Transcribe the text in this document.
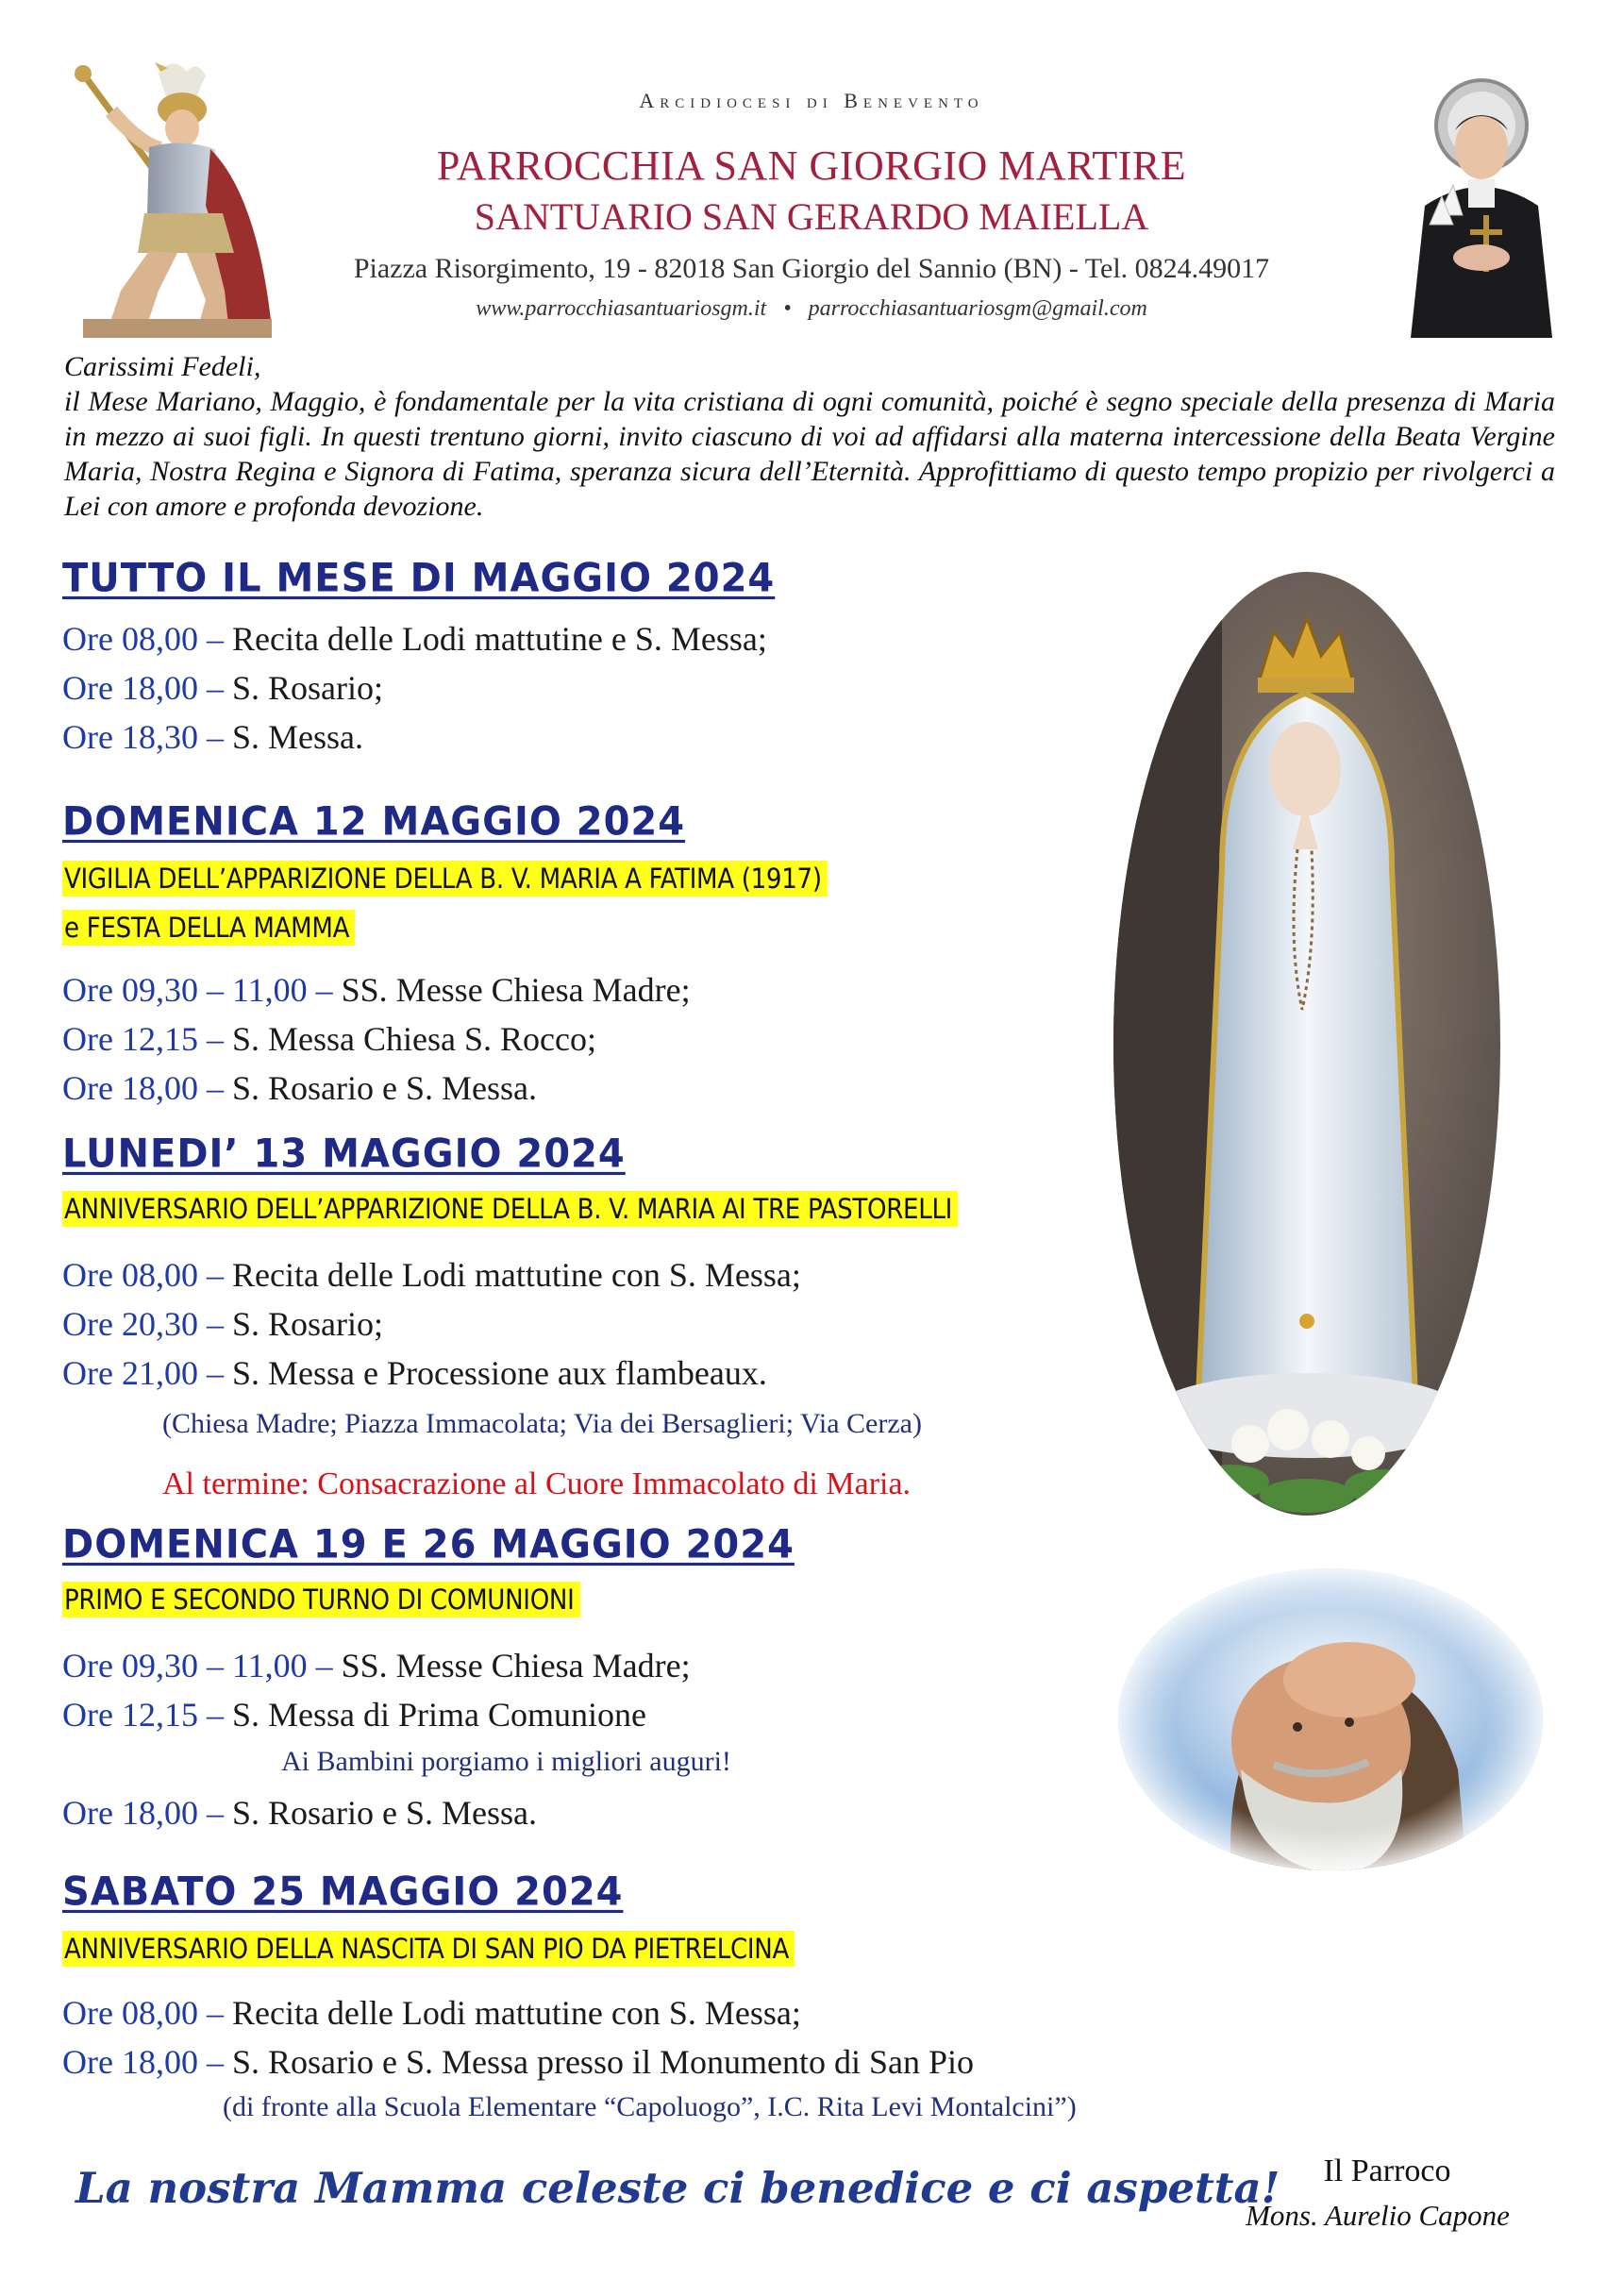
Arcidiocesi di Benevento
PARROCCHIA SAN GIORGIO MARTIRE
SANTUARIO SAN GERARDO MAIELLA
Piazza Risorgimento, 19 - 82018 San Giorgio del Sannio (BN) - Tel. 0824.49017
www.parrocchiasantuariosgm.it • parrocchiasantuariosgm@gmail.com

Carissimi Fedeli,

il Mese Mariano, Maggio, è fondamentale per la vita cristiana di ogni comunità, poiché è segno speciale della presenza di Maria in mezzo ai suoi figli. In questi trentuno giorni, invito ciascuno di voi ad affidarsi alla materna intercessione della Beata Vergine Maria, Nostra Regina e Signora di Fatima, speranza sicura dell’Eternità. Approfittiamo di questo tempo propizio per rivolgerci a Lei con amore e profonda devozione.

TUTTO IL MESE DI MAGGIO 2024
Ore 08,00 – Recita delle Lodi mattutine e S. Messa;
Ore 18,00 – S. Rosario;
Ore 18,30 – S. Messa.
DOMENICA 12 MAGGIO 2024
VIGILIA DELL’APPARIZIONE DELLA B. V. MARIA A FATIMA (1917)
e FESTA DELLA MAMMA
Ore 09,30 – 11,00 – SS. Messe Chiesa Madre;
Ore 12,15 – S. Messa Chiesa S. Rocco;
Ore 18,00 – S. Rosario e S. Messa.
LUNEDI’ 13 MAGGIO 2024
ANNIVERSARIO DELL’APPARIZIONE DELLA B. V. MARIA AI TRE PASTORELLI
Ore 08,00 – Recita delle Lodi mattutine con S. Messa;
Ore 20,30 – S. Rosario;
Ore 21,00 – S. Messa e Processione aux flambeaux.
(Chiesa Madre; Piazza Immacolata; Via dei Bersaglieri; Via Cerza)
Al termine: Consacrazione al Cuore Immacolato di Maria.
DOMENICA 19 E 26 MAGGIO 2024
PRIMO E SECONDO TURNO DI COMUNIONI
Ore 09,30 – 11,00 – SS. Messe Chiesa Madre;
Ore 12,15 – S. Messa di Prima Comunione
Ai Bambini porgiamo i migliori auguri!
Ore 18,00 – S. Rosario e S. Messa.
SABATO 25 MAGGIO 2024
ANNIVERSARIO DELLA NASCITA DI SAN PIO DA PIETRELCINA
Ore 08,00 – Recita delle Lodi mattutine con S. Messa;
Ore 18,00 – S. Rosario e S. Messa presso il Monumento di San Pio
(di fronte alla Scuola Elementare “Capoluogo”, I.C. Rita Levi Montalcini”)
La nostra Mamma celeste ci benedice e ci aspetta!	Il Parroco
Mons. Aurelio Capone
